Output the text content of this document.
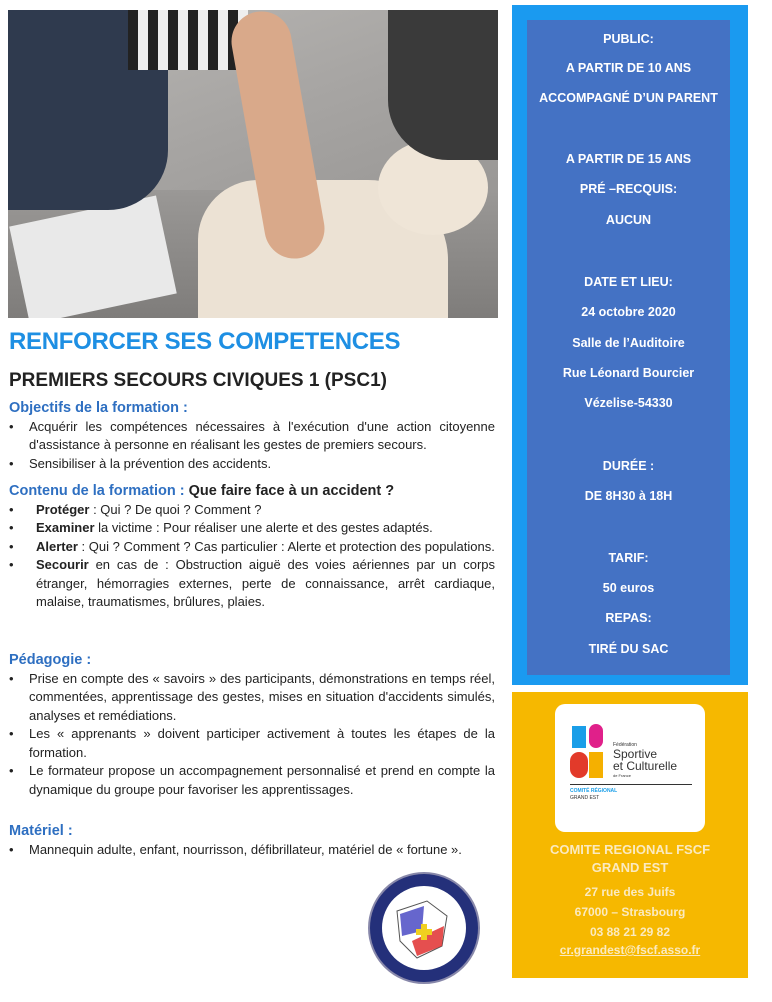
RENFORCER SES COMPETENCES
PREMIERS SECOURS CIVIQUES 1 (PSC1)
Objectifs de la formation :
• Acquérir les compétences nécessaires à l'exécution d'une action citoyenne d'assistance à personne en réalisant les gestes de premiers secours.
• Sensibiliser à la prévention des accidents.
Contenu de la formation : Que faire face à un accident ?
• Protéger : Qui ? De quoi ? Comment ?
• Examiner la victime : Pour réaliser une alerte et des gestes adaptés.
• Alerter : Qui ? Comment ? Cas particulier : Alerte et protection des populations.
• Secourir en cas de : Obstruction aiguë des voies aériennes par un corps étranger, hémorragies externes, perte de connaissance, arrêt cardiaque, malaise, traumatismes, brûlures, plaies.
Pédagogie :
• Prise en compte des « savoirs » des participants, démonstrations en temps réel, commentées, apprentissage des gestes, mises en situation d'accidents simulés, analyses et remédiations.
• Les « apprenants » doivent participer activement à toutes les étapes de la formation.
• Le formateur propose un accompagnement personnalisé et prend en compte la dynamique du groupe pour favoriser les apprentissages.
Matériel :
• Mannequin adulte, enfant, nourrisson, défibrillateur, matériel de « fortune ».
PUBLIC:
A PARTIR DE 10 ANS
ACCOMPAGNÉ D’UN PARENT
A PARTIR DE 15 ANS
PRÉ –RECQUIS:
AUCUN
DATE ET LIEU:
24 octobre 2020
Salle de l’Auditoire
Rue Léonard Bourcier
Vézelise-54330
DURÉE :
DE 8H30 à 18H
TARIF:
50 euros
REPAS:
TIRÉ DU SAC
Fédération
Sportive
et Culturelle
de France
COMITÉ RÉGIONAL
GRAND EST
COMITE REGIONAL FSCF
GRAND EST
27 rue des Juifs
67000 – Strasbourg
03 88 21 29 82
cr.grandest@fscf.asso.fr
